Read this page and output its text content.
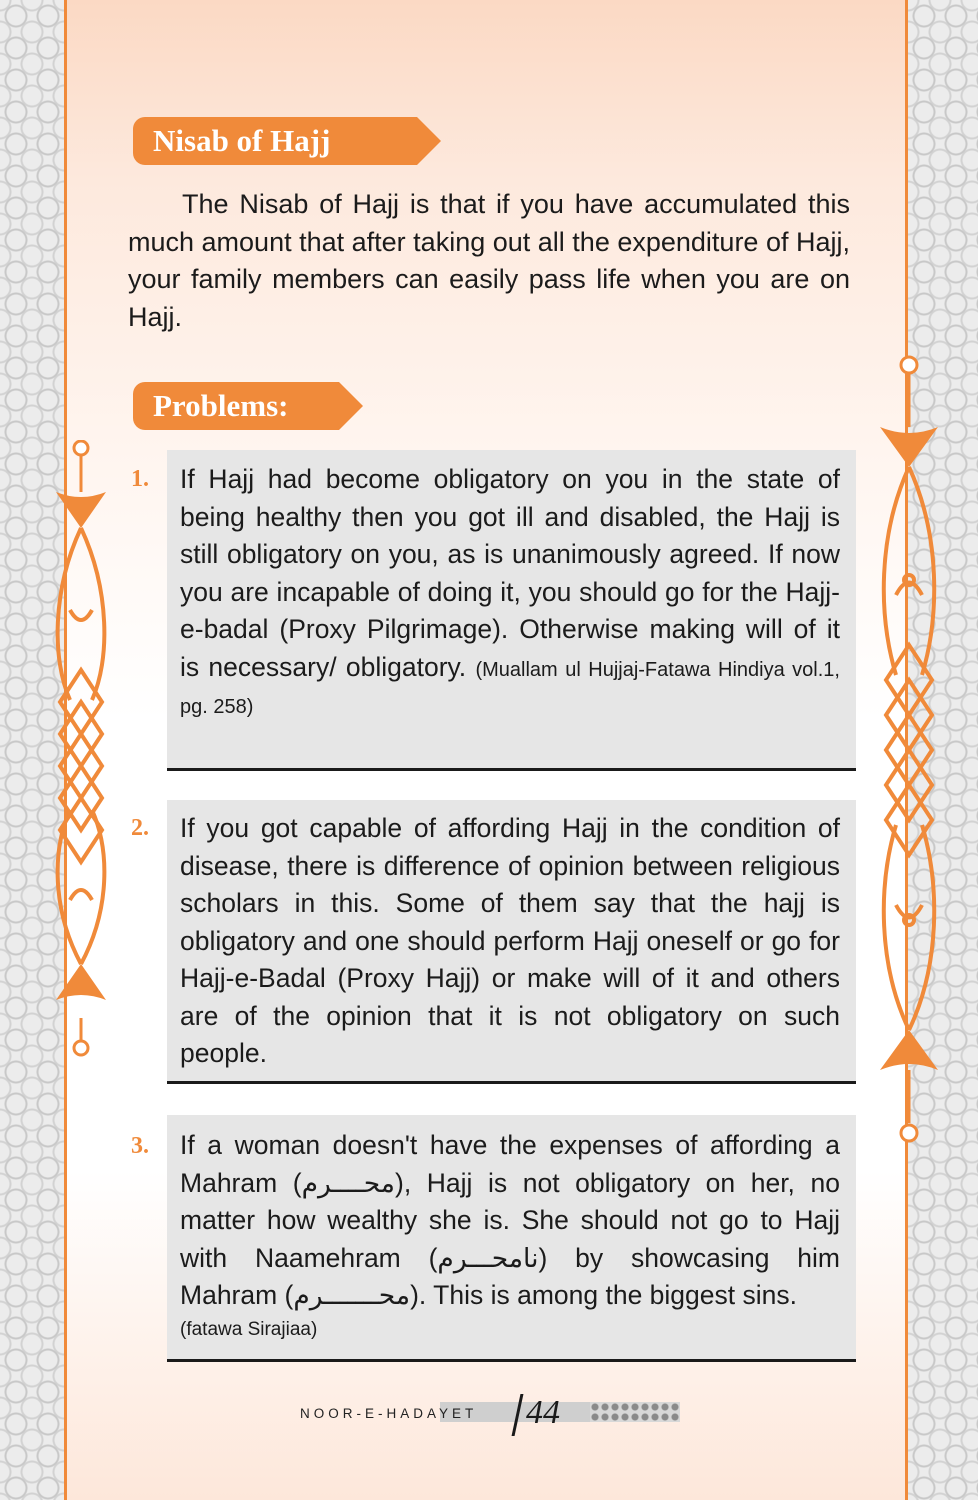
Nisab of Hajj

The Nisab of Hajj is that if you have accumulated this much amount that after taking out all the expenditure of Hajj, your family members can easily pass life when you are on Hajj.

Problems:
1. If Hajj had become obligatory on you in the state of being healthy then you got ill and disabled, the Hajj is still obligatory on you, as is unanimously agreed. If now you are incapable of doing it, you should go for the Hajj-e-badal (Proxy Pilgrimage). Otherwise making will of it is necessary/ obligatory. (Muallam ul Hujjaj-Fatawa Hindiya vol.1, pg. 258)

2. If you got capable of affording Hajj in the condition of disease, there is difference of opinion between religious scholars in this. Some of them say that the hajj is obligatory and one should perform Hajj oneself or go for Hajj-e-Badal (Proxy Hajj) or make will of it and others are of the opinion that it is not obligatory on such people.

3. If a woman doesn't have the expenses of affording a Mahram (محــــرم), Hajj is not obligatory on her, no matter how wealthy she is. She should not go to Hajj with Naamehram (نامحـــرم) by showcasing him Mahram (محـــــــرم). This is among the biggest sins.
(fatawa Sirajiaa)

NOOR-E-HADAYET 44
